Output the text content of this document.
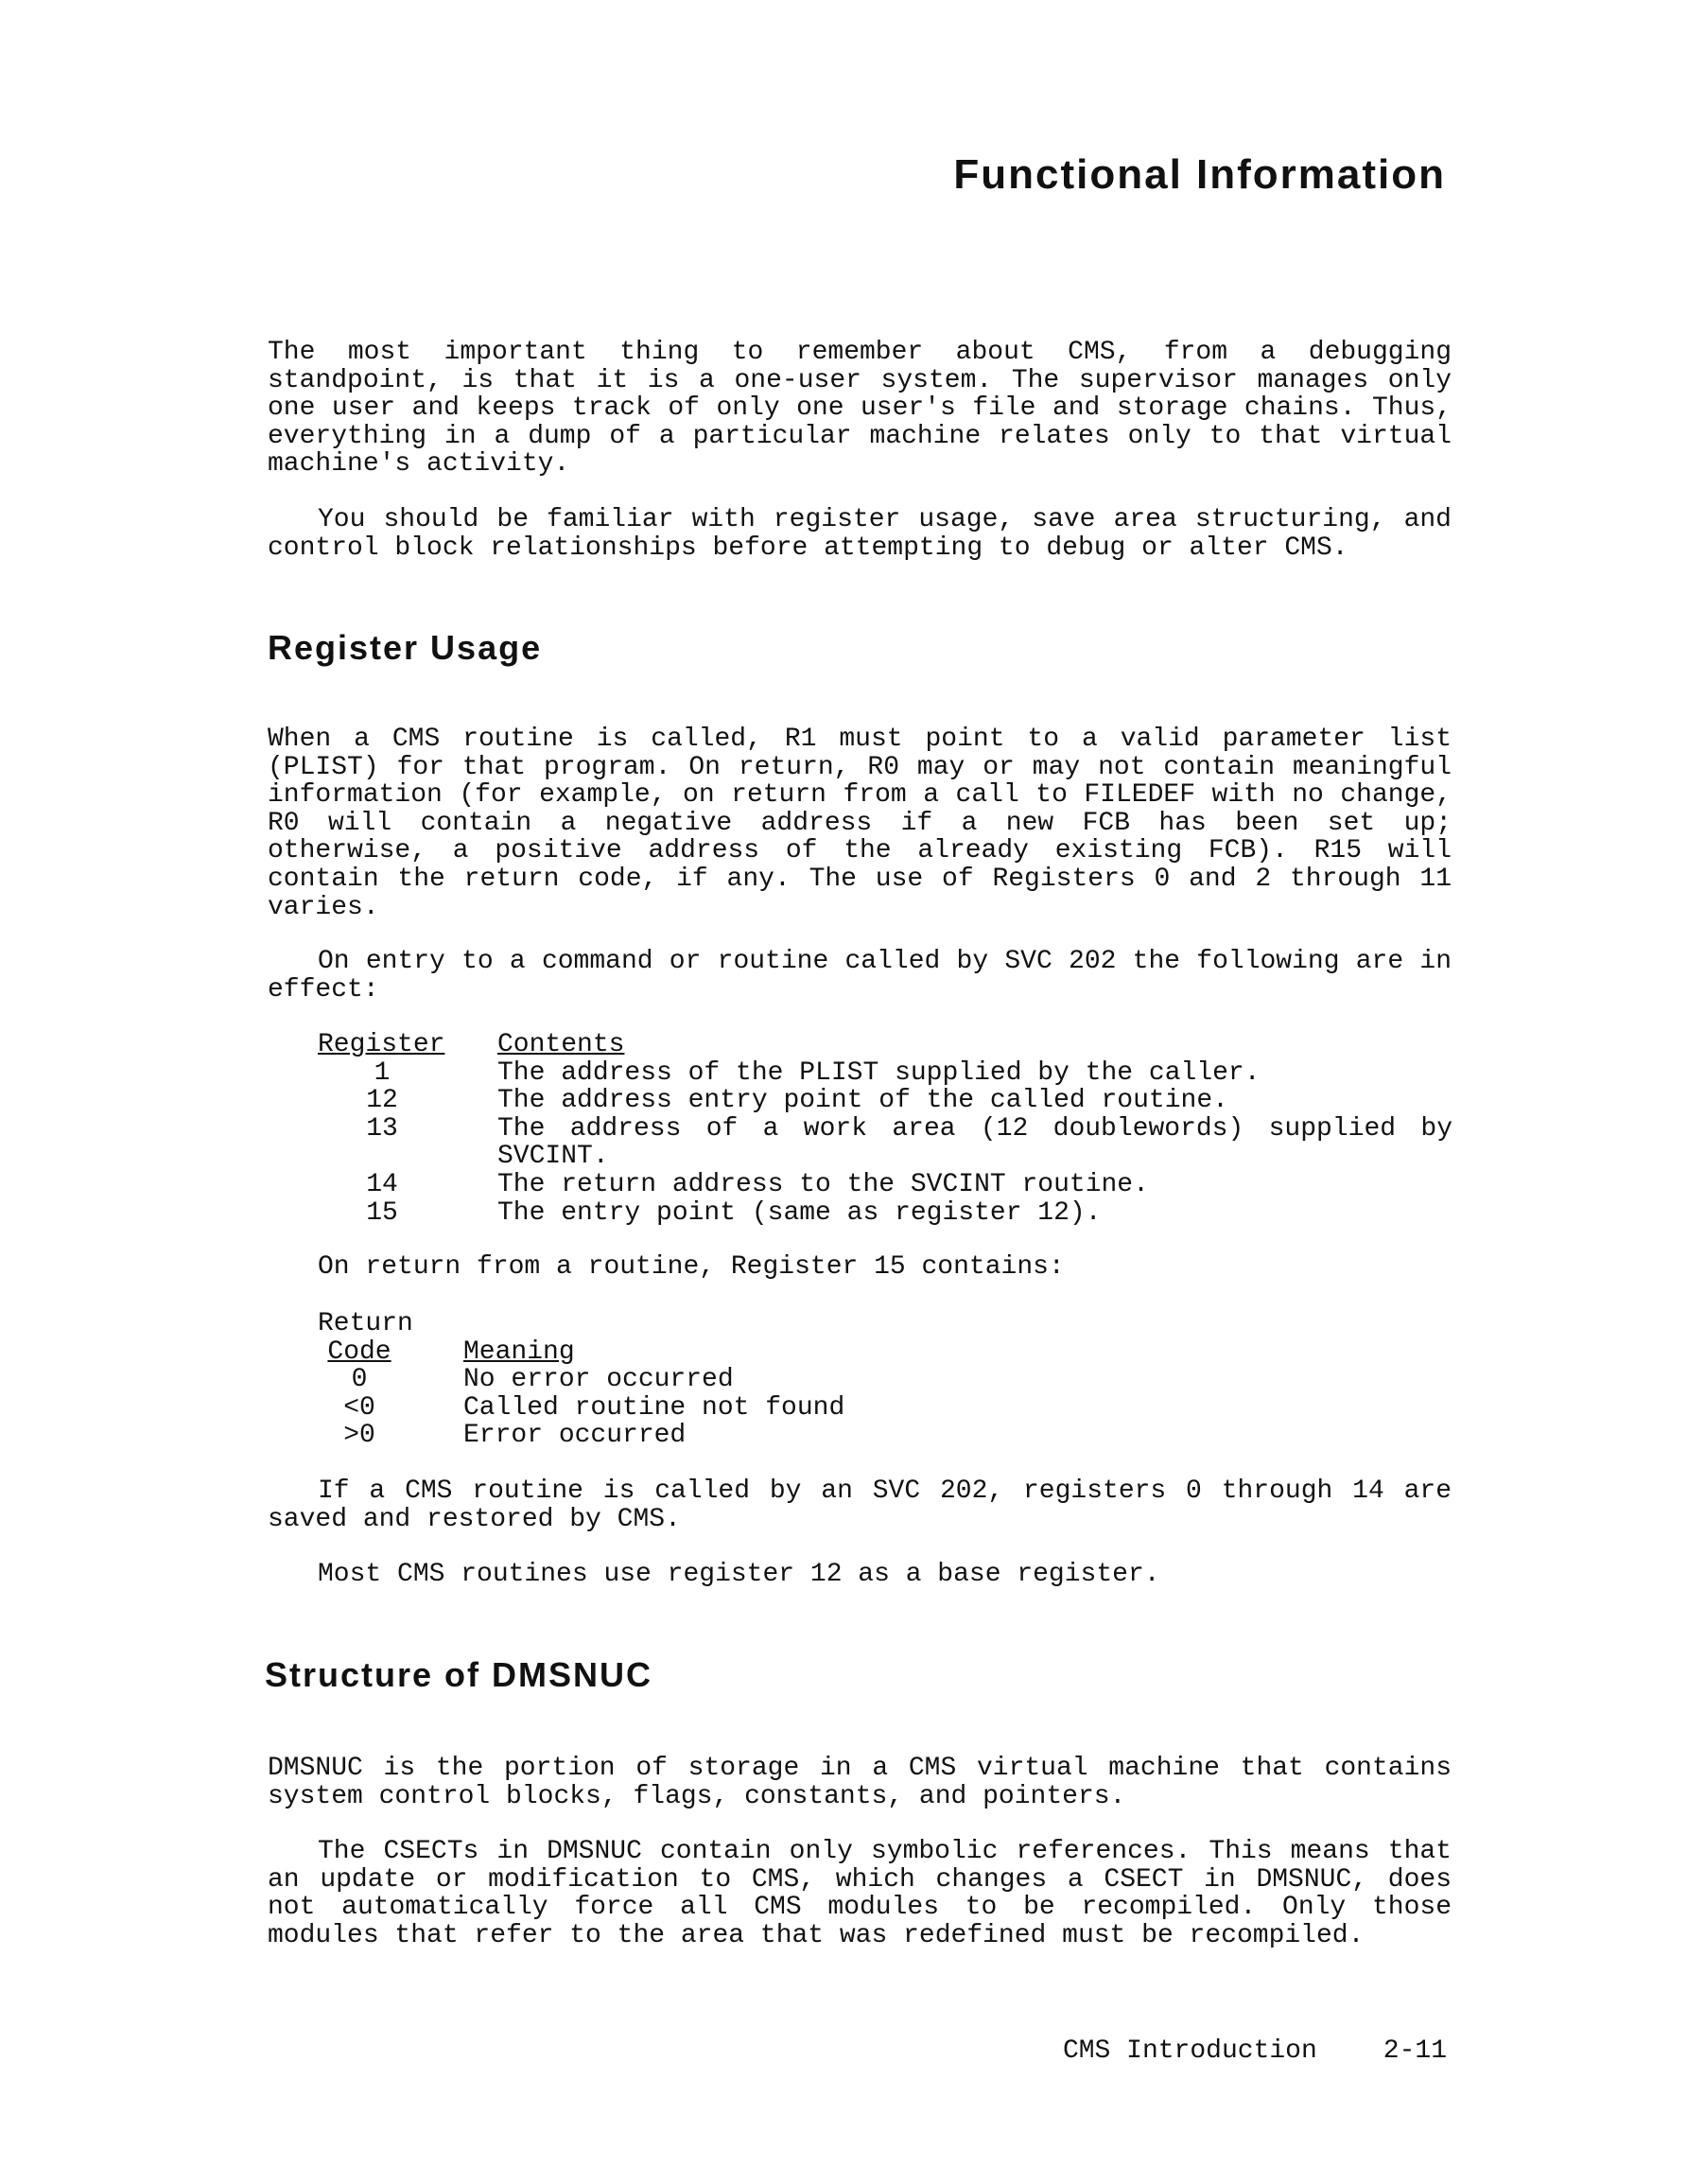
Functional Information

The most important thing to remember about CMS, from a debugging standpoint, is that it is a one-user system. The supervisor manages only one user and keeps track of only one user's file and storage chains. Thus, everything in a dump of a particular machine relates only to that virtual machine's activity.

You should be familiar with register usage, save area structuring, and control block relationships before attempting to debug or alter CMS.

Register Usage

When a CMS routine is called, R1 must point to a valid parameter list (PLIST) for that program. On return, R0 may or may not contain meaningful information (for example, on return from a call to FILEDEF with no change, R0 will contain a negative address if a new FCB has been set up; otherwise, a positive address of the already existing FCB). R15 will contain the return code, if any. The use of Registers 0 and 2 through 11 varies.

On entry to a command or routine called by SVC 202 the following are in effect:

Register	Contents
1	The address of the PLIST supplied by the caller.
12	The address entry point of the called routine.
13	The address of a work area (12 doublewords) supplied by SVCINT.
14	The return address to the SVCINT routine.
15	The entry point (same as register 12).

On return from a routine, Register 15 contains:

Return	
Code	Meaning
0	No error occurred
<0	Called routine not found
>0	Error occurred

If a CMS routine is called by an SVC 202, registers 0 through 14 are saved and restored by CMS.

Most CMS routines use register 12 as a base register.

Structure of DMSNUC

DMSNUC is the portion of storage in a CMS virtual machine that contains system control blocks, flags, constants, and pointers.

The CSECTs in DMSNUC contain only symbolic references. This means that an update or modification to CMS, which changes a CSECT in DMSNUC, does not automatically force all CMS modules to be recompiled. Only those modules that refer to the area that was redefined must be recompiled.

CMS Introduction	2-11
